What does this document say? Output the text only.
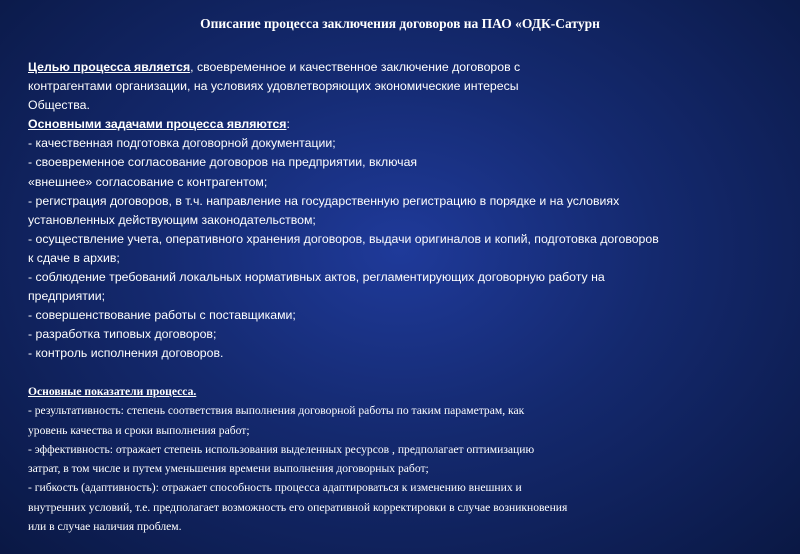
Описание процесса заключения договоров на ПАО «ОДК-Сатурн
Целью процесса является, своевременное и качественное заключение договоров с
контрагентами организации, на условиях удовлетворяющих экономические интересы
Общества.
Основными задачами процесса являются:
- качественная подготовка договорной документации;
- своевременное согласование договоров на предприятии, включая
«внешнее» согласование с контрагентом;
- регистрация договоров, в т.ч. направление на государственную регистрацию в порядке и на условиях
установленных действующим законодательством;
- осуществление учета, оперативного хранения договоров, выдачи оригиналов и копий, подготовка договоров
к сдаче в архив;
- соблюдение требований локальных нормативных актов, регламентирующих договорную работу на
предприятии;
- совершенствование работы с поставщиками;
- разработка типовых договоров;
- контроль исполнения договоров.
Основные показатели процесса.
- результативность: степень соответствия выполнения договорной работы по таким параметрам, как
уровень качества и сроки выполнения работ;
- эффективность: отражает степень использования выделенных ресурсов , предполагает оптимизацию
затрат, в том числе и путем уменьшения времени выполнения договорных работ;
- гибкость (адаптивность): отражает способность процесса адаптироваться к изменению внешних и
внутренних условий, т.е. предполагает возможность его оперативной корректировки в случае возникновения
или в случае наличия проблем.
